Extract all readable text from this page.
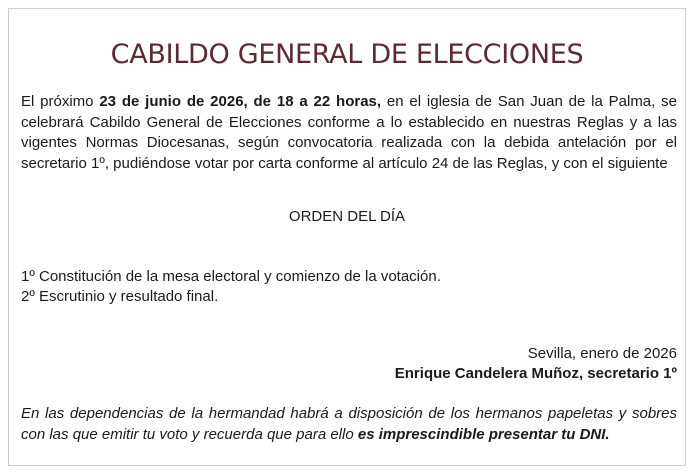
CABILDO GENERAL DE ELECCIONES

El próximo 23 de junio de 2026, de 18 a 22 horas, en el iglesia de San Juan de la Palma, se celebrará Cabildo General de Elecciones conforme a lo establecido en nuestras Reglas y a las vigentes Normas Diocesanas, según convocatoria realizada con la debida antelación por el secretario 1º, pudiéndose votar por carta conforme al artículo 24 de las Reglas, y con el siguiente

ORDEN DEL DÍA
1º Constitución de la mesa electoral y comienzo de la votación.
2º Escrutinio y resultado final.
Sevilla, enero de 2026
Enrique Candelera Muñoz, secretario 1º

En las dependencias de la hermandad habrá a disposición de los hermanos papeletas y sobres con las que emitir tu voto y recuerda que para ello es imprescindible presentar tu DNI.
